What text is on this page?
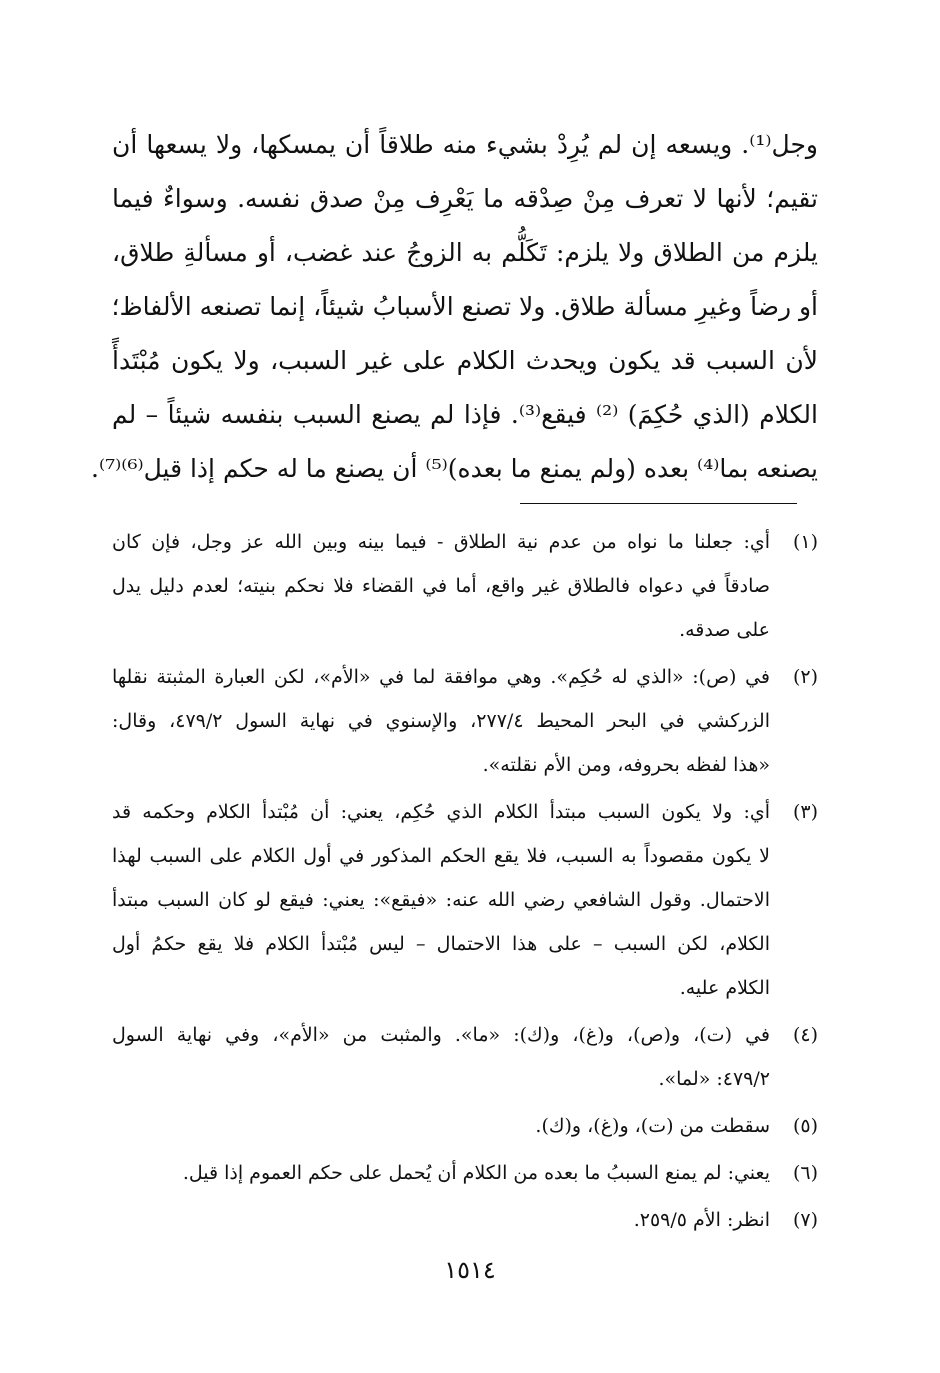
وجل⁽¹⁾. ويسعه إن لم يُرِدْ بشيء منه طلاقاً أن يمسكها، ولا يسعها أن
تقيم؛ لأنها لا تعرف مِنْ صِدْقه ما يَعْرِف مِنْ صدق نفسه. وسواءٌ فيما
يلزم من الطلاق ولا يلزم: تَكَلُّم به الزوجُ عند غضب، أو مسألةِ طلاق،
أو رضاً وغيرِ مسألة طلاق. ولا تصنع الأسبابُ شيئاً، إنما تصنعه الألفاظ؛
لأن السبب قد يكون ويحدث الكلام على غير السبب، ولا يكون مُبْتَدأً
الكلام (الذي حُكِمَ) ⁽²⁾ فيقع⁽³⁾. فإذا لم يصنع السبب بنفسه شيئاً – لم
يصنعه بما⁽⁴⁾ بعده (ولم يمنع ما بعده)⁽⁵⁾ أن يصنع ما له حكم إذا قيل⁽⁶⁾⁽⁷⁾.
(١)
أي: جعلنا ما نواه من عدم نية الطلاق - فيما بينه وبين الله عز وجل، فإن كان
صادقاً في دعواه فالطلاق غير واقع، أما في القضاء فلا نحكم بنيته؛ لعدم دليل يدل
على صدقه.
(٢)
في (ص): «الذي له حُكِم». وهي موافقة لما في «الأم»، لكن العبارة المثبتة نقلها
الزركشي في البحر المحيط ٢٧٧/٤، والإسنوي في نهاية السول ٤٧٩/٢، وقال:
«هذا لفظه بحروفه، ومن الأم نقلته».
(٣)
أي: ولا يكون السبب مبتدأ الكلام الذي حُكِم، يعني: أن مُبْتدأ الكلام وحكمه قد
لا يكون مقصوداً به السبب، فلا يقع الحكم المذكور في أول الكلام على السبب لهذا
الاحتمال. وقول الشافعي رضي الله عنه: «فيقع»: يعني: فيقع لو كان السبب مبتدأ
الكلام، لكن السبب – على هذا الاحتمال – ليس مُبْتدأ الكلام فلا يقع حكمُ أول
الكلام عليه.
(٤)
في (ت)، و(ص)، و(غ)، و(ك): «ما». والمثبت من «الأم»، وفي نهاية السول
٤٧٩/٢: «لما».
(٥)
سقطت من (ت)، و(غ)، و(ك).
(٦)
يعني: لم يمنع السببُ ما بعده من الكلام أن يُحمل على حكم العموم إذا قيل.
(٧)
انظر: الأم ٢٥٩/٥.
١٥١٤
